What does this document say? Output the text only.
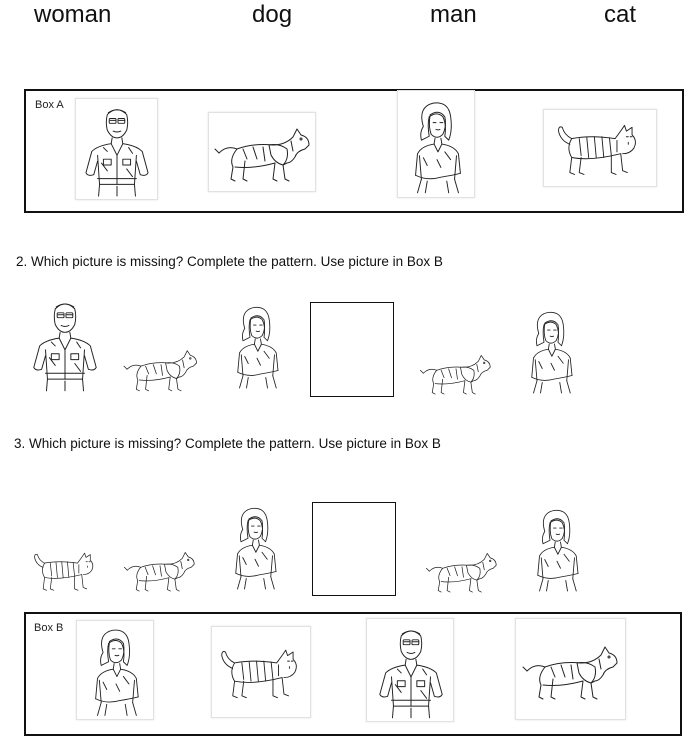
woman	dog	man	cat
Box A
2. Which picture is missing? Complete the pattern. Use picture in Box B
3. Which picture is missing? Complete the pattern. Use picture in Box B
Box B
